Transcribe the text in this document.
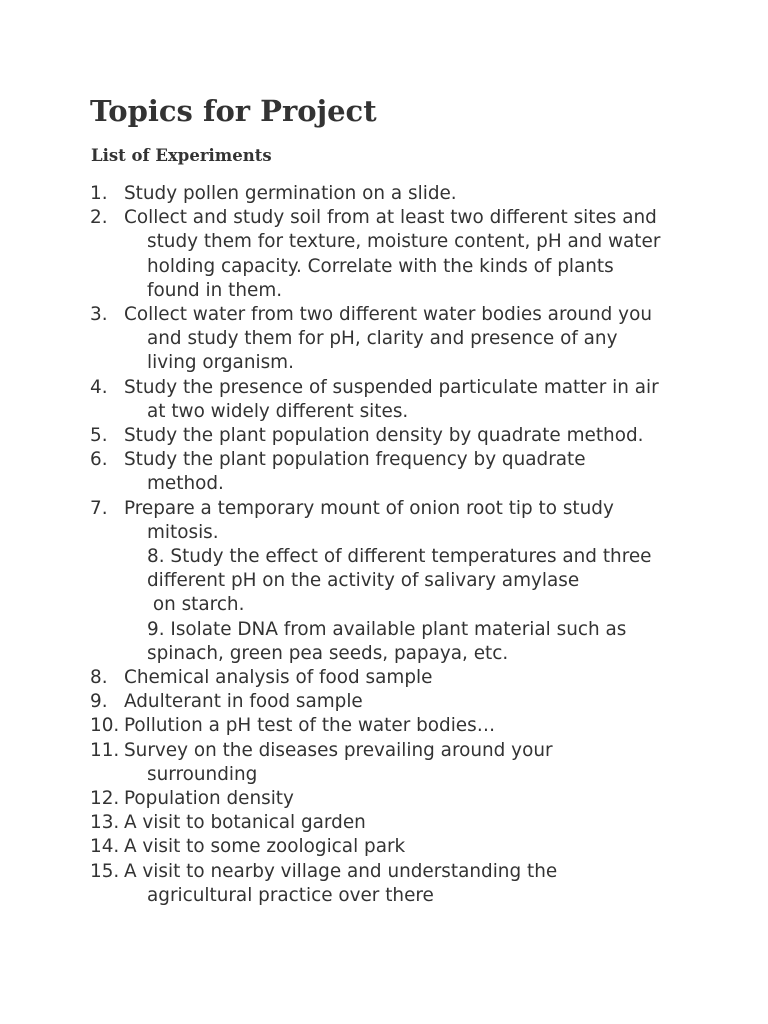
Topics for Project
List of Experiments
1. Study pollen germination on a slide.
2. Collect and study soil from at least two different sites and
study them for texture, moisture content, pH and water
holding capacity. Correlate with the kinds of plants
found in them.
3. Collect water from two different water bodies around you
and study them for pH, clarity and presence of any
living organism.
4. Study the presence of suspended particulate matter in air
at two widely different sites.
5. Study the plant population density by quadrate method.
6. Study the plant population frequency by quadrate
method.
7. Prepare a temporary mount of onion root tip to study
mitosis.
8. Study the effect of different temperatures and three
different pH on the activity of salivary amylase
on starch.
9. Isolate DNA from available plant material such as
spinach, green pea seeds, papaya, etc.
8. Chemical analysis of food sample
9. Adulterant in food sample
10. Pollution a pH test of the water bodies…
11. Survey on the diseases prevailing around your
surrounding
12. Population density
13. A visit to botanical garden
14. A visit to some zoological park
15. A visit to nearby village and understanding the
agricultural practice over there
